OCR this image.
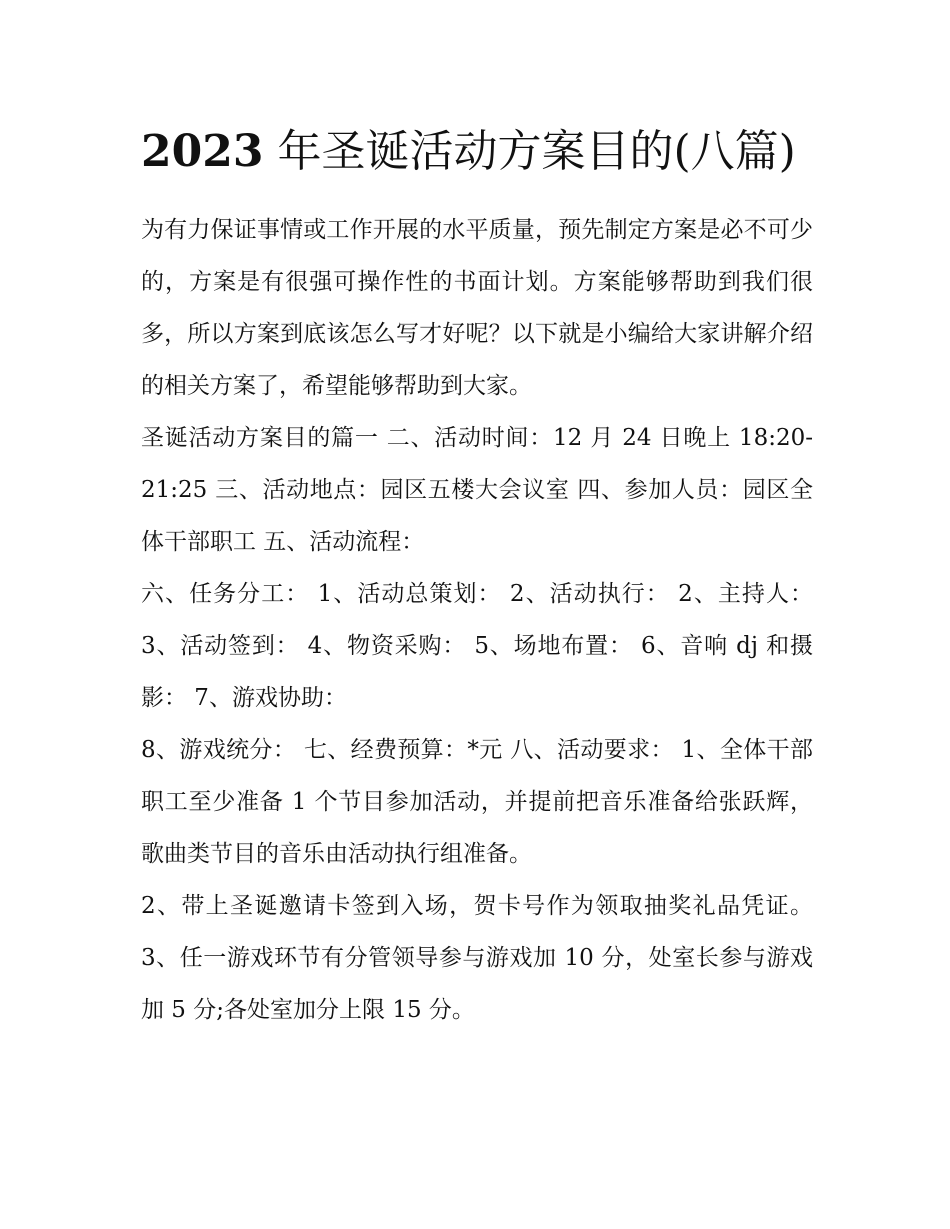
2023 年圣诞活动方案目的(八篇)

为有力保证事情或工作开展的水平质量，预先制定方案是必不可少的，方案是有很强可操作性的书面计划。方案能够帮助到我们很多，所以方案到底该怎么写才好呢？以下就是小编给大家讲解介绍的相关方案了，希望能够帮助到大家。

圣诞活动方案目的篇一 二、活动时间：12 月 24 日晚上 18:20-21:25 三、活动地点：园区五楼大会议室 四、参加人员：园区全体干部职工 五、活动流程：

六、任务分工： 1、活动总策划： 2、活动执行： 2、主持人： 3、活动签到： 4、物资采购： 5、场地布置： 6、音响 dj 和摄影： 7、游戏协助：

8、游戏统分： 七、经费预算：*元 八、活动要求： 1、全体干部职工至少准备 1 个节目参加活动，并提前把音乐准备给张跃辉，歌曲类节目的音乐由活动执行组准备。

2、带上圣诞邀请卡签到入场，贺卡号作为领取抽奖礼品凭证。 3、任一游戏环节有分管领导参与游戏加 10 分，处室长参与游戏加 5 分;各处室加分上限 15 分。
